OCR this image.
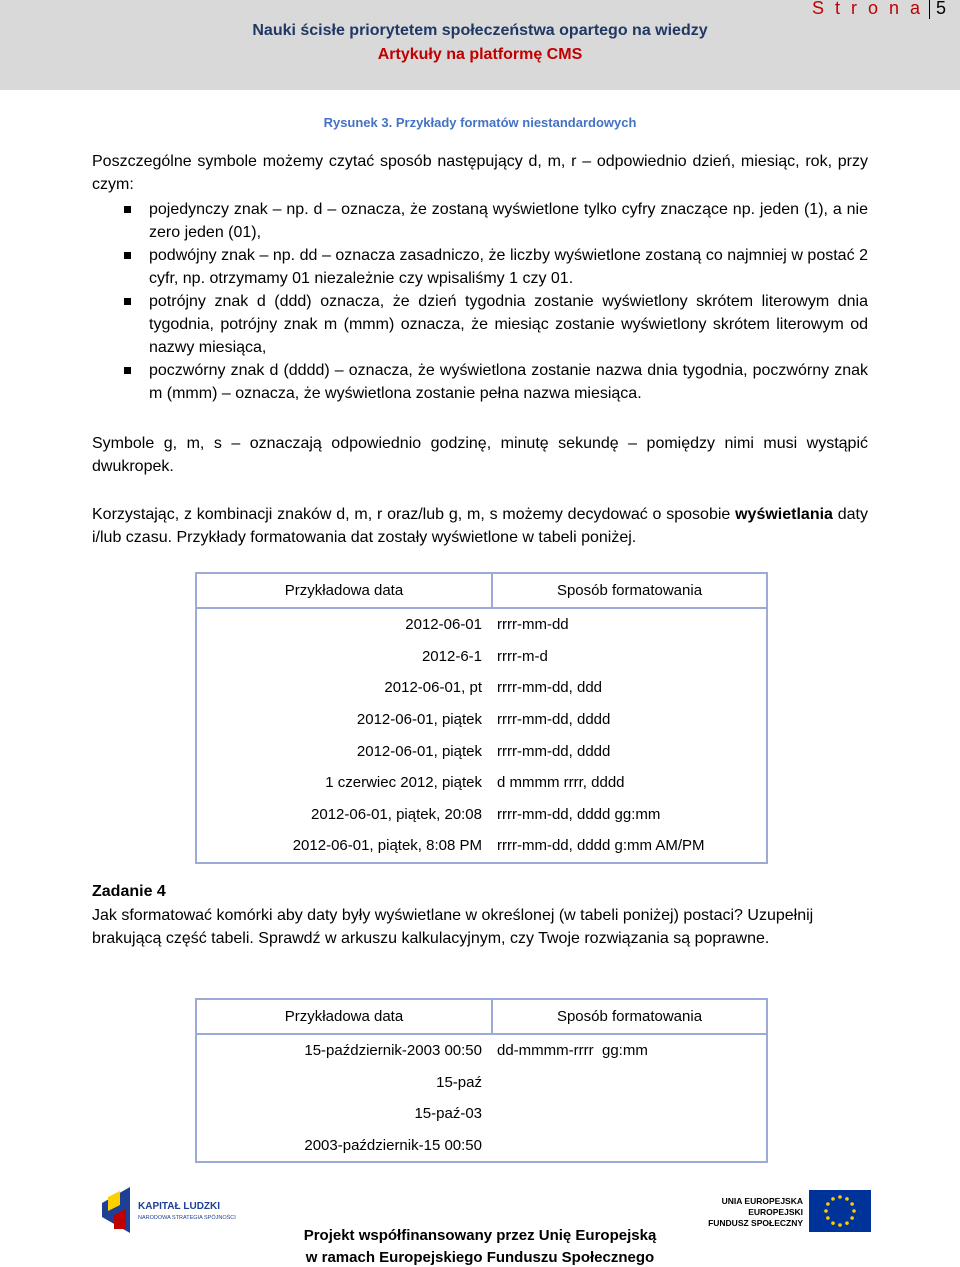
S t r o n a 5
Nauki ścisłe priorytetem społeczeństwa opartego na wiedzy
Artykuły na platformę CMS
Rysunek 3. Przykłady formatów niestandardowych
Poszczególne symbole możemy czytać sposób następujący d, m, r – odpowiednio dzień, miesiąc, rok, przy czym:
pojedynczy znak – np. d – oznacza, że zostaną wyświetlone tylko cyfry znaczące np. jeden (1), a nie zero jeden (01),
podwójny znak – np. dd – oznacza zasadniczo, że liczby wyświetlone zostaną co najmniej w postać 2 cyfr, np. otrzymamy 01 niezależnie czy wpisaliśmy 1 czy 01.
potrójny znak d (ddd) oznacza, że dzień tygodnia zostanie wyświetlony skrótem literowym dnia tygodnia, potrójny znak m (mmm) oznacza, że miesiąc zostanie wyświetlony skrótem literowym od nazwy miesiąca,
poczwórny znak d (dddd) – oznacza, że wyświetlona zostanie nazwa dnia tygodnia, poczwórny znak m (mmm) – oznacza, że wyświetlona zostanie pełna nazwa miesiąca.
Symbole g, m, s – oznaczają odpowiednio godzinę, minutę sekundę – pomiędzy nimi musi wystąpić dwukropek.
Korzystając, z kombinacji znaków d, m, r oraz/lub g, m, s możemy decydować o sposobie wyświetlania daty i/lub czasu. Przykłady formatowania dat zostały wyświetlone w tabeli poniżej.
Przykładowa data	Sposób formatowania
2012-06-01	rrrr-mm-dd
2012-6-1	rrrr-m-d
2012-06-01, pt	rrrr-mm-dd, ddd
2012-06-01, piątek	rrrr-mm-dd, dddd
2012-06-01, piątek	rrrr-mm-dd, dddd
1 czerwiec 2012, piątek	d mmmm rrrr, dddd
2012-06-01, piątek, 20:08	rrrr-mm-dd, dddd gg:mm
2012-06-01, piątek, 8:08 PM	rrrr-mm-dd, dddd g:mm AM/PM
Zadanie 4
Jak sformatować komórki aby daty były wyświetlane w określonej (w tabeli poniżej) postaci? Uzupełnij brakującą część tabeli. Sprawdź w arkuszu kalkulacyjnym, czy Twoje rozwiązania są poprawne.
Przykładowa data	Sposób formatowania
15-październik-2003 00:50	dd-mmmm-rrrr  gg:mm
15-paź	
15-paź-03	
2003-październik-15 00:50	
KAPITAŁ LUDZKI
NARODOWA STRATEGIA SPÓJNOŚCI
UNIA EUROPEJSKA
EUROPEJSKI
FUNDUSZ SPOŁECZNY
Projekt współfinansowany przez Unię Europejską
w ramach Europejskiego Funduszu Społecznego
